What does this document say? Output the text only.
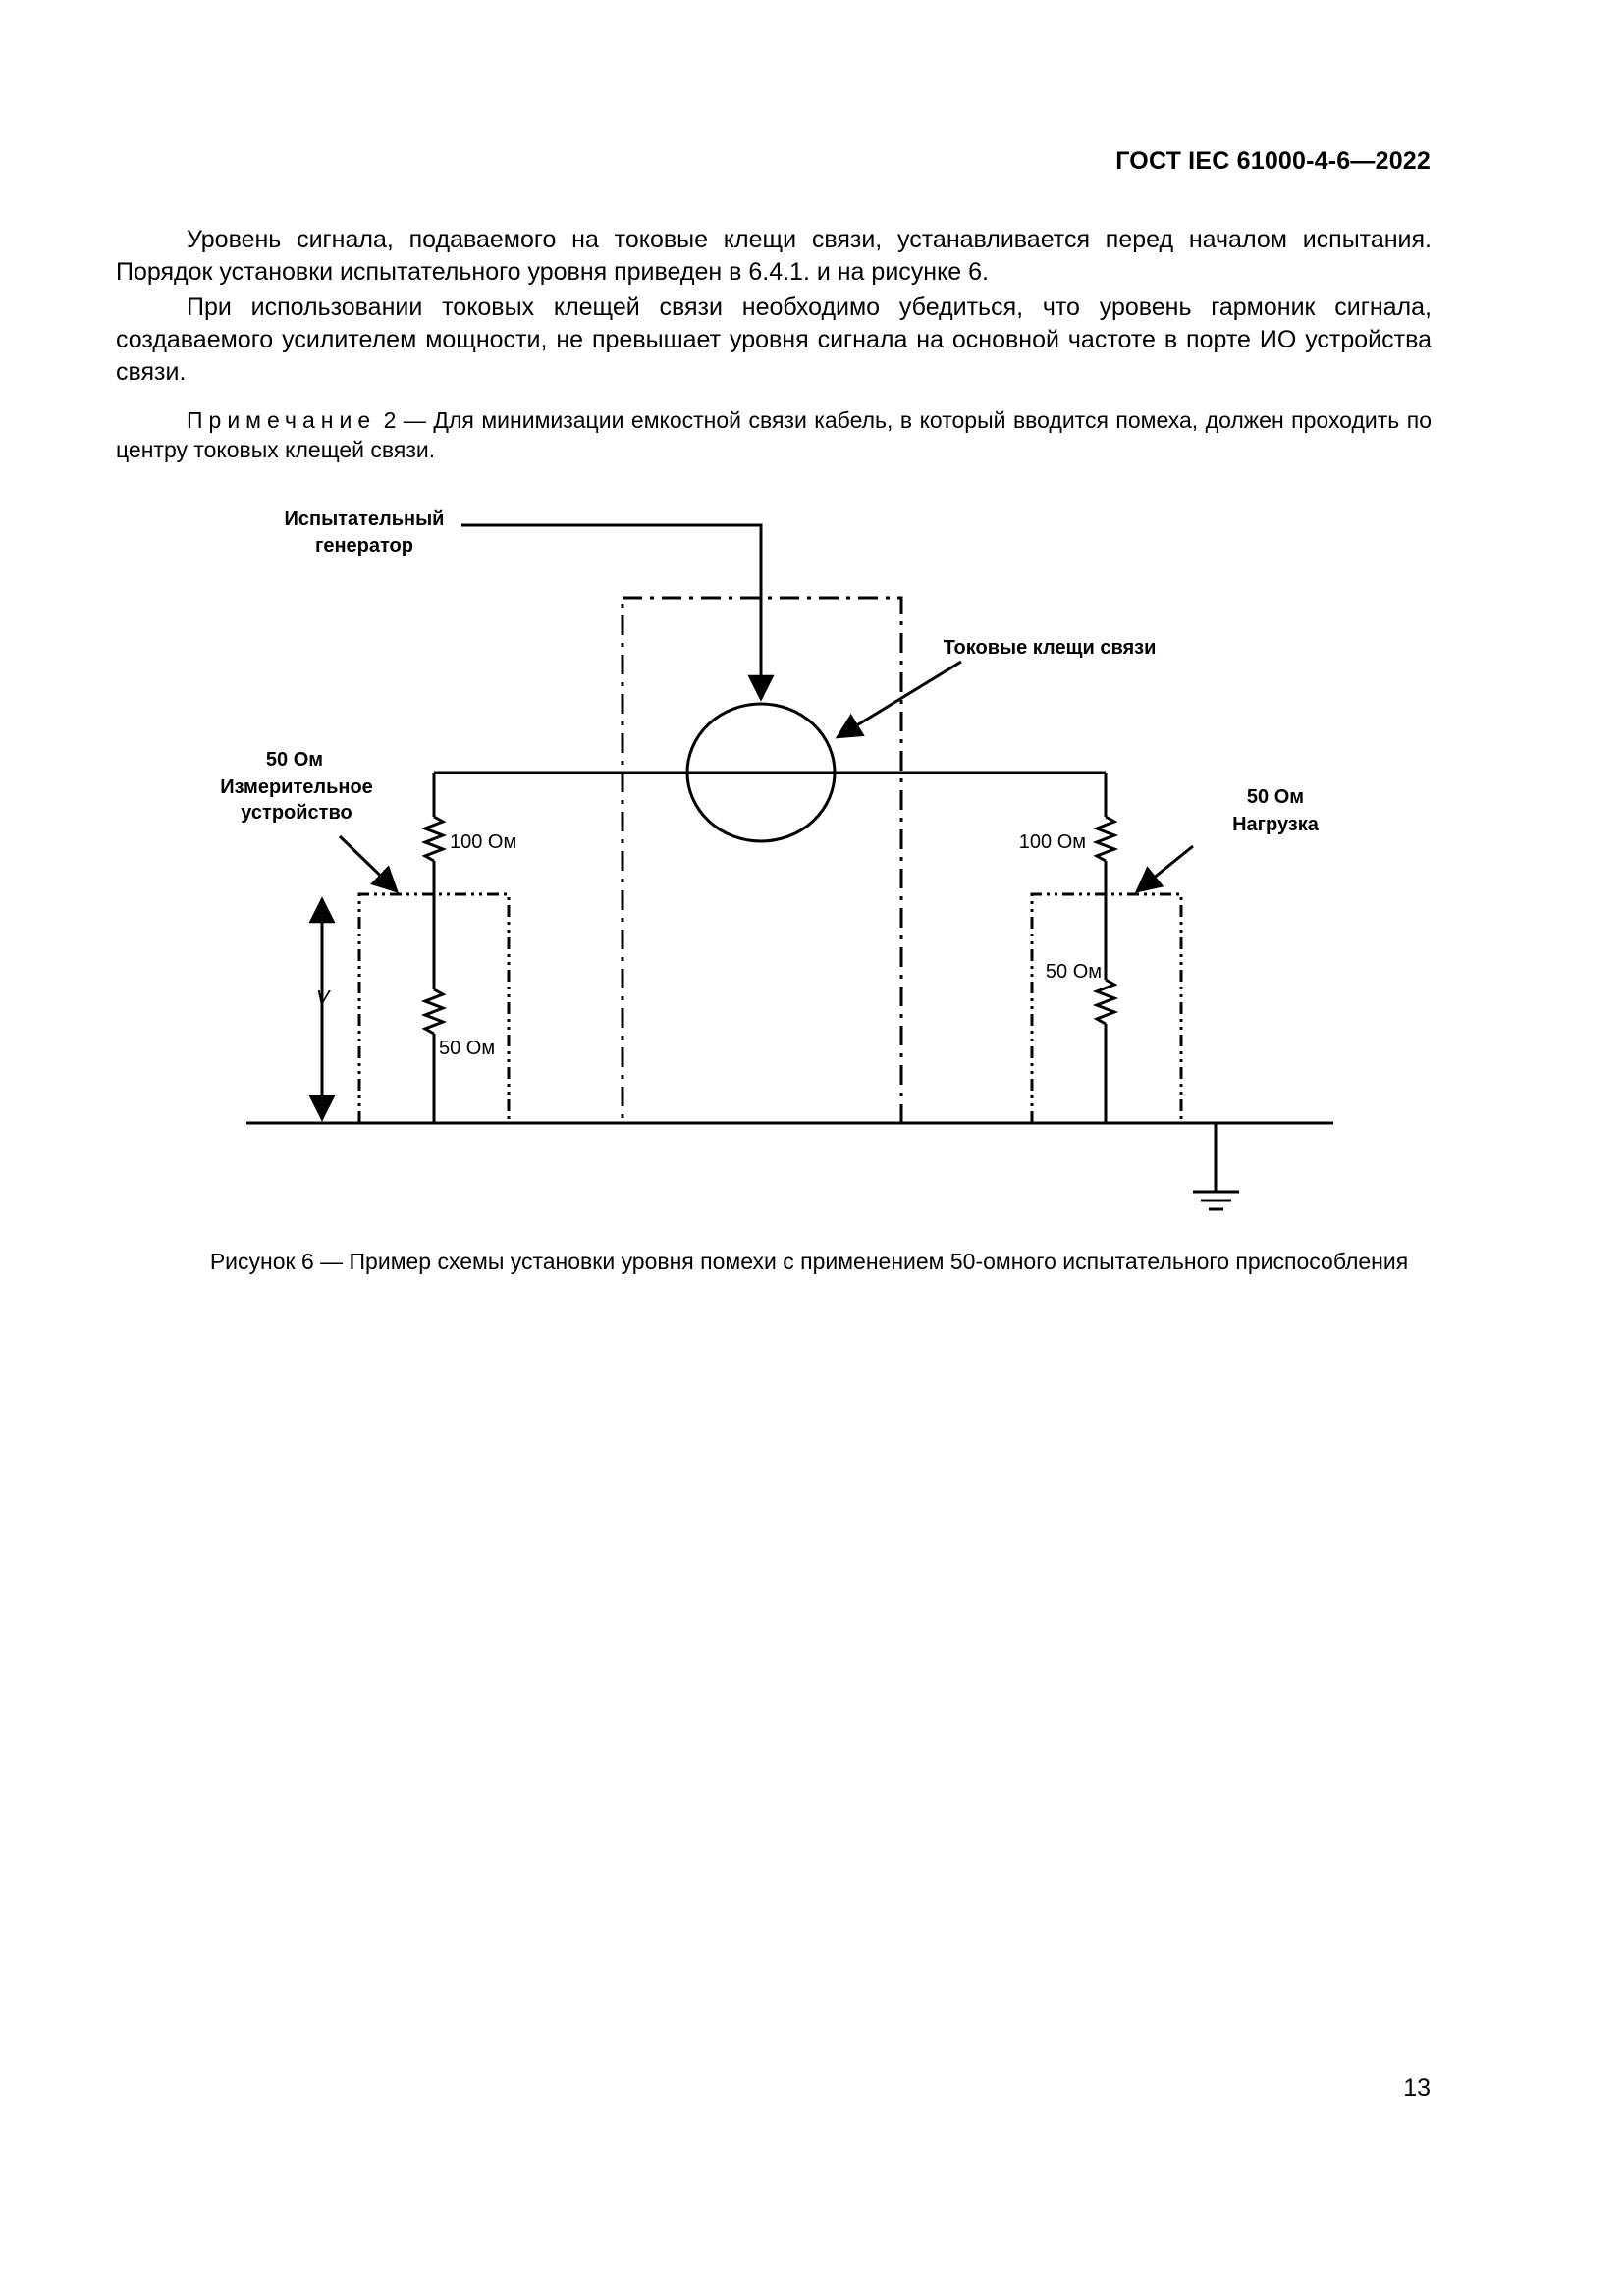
ГОСТ IEC 61000-4-6—2022

Уровень сигнала, подаваемого на токовые клещи связи, устанавливается перед началом испытания. Порядок установки испытательного уровня приведен в 6.4.1. и на рисунке 6.

При использовании токовых клещей связи необходимо убедиться, что уровень гармоник сигнала, создаваемого усилителем мощности, не превышает уровня сигнала на основной частоте в порте ИО устройства связи.

Примечание 2 — Для минимизации емкостной связи кабель, в который вводится помеха, должен проходить по центру токовых клещей связи.
V
Испытательный
генератор
Токовые клещи связи
50 Ом
Измерительное
устройство
50 Ом
Нагрузка
100 Ом
50 Ом
100 Ом
50 Ом
Рисунок 6 — Пример схемы установки уровня помехи с применением 50-омного испытательного приспособления
13
